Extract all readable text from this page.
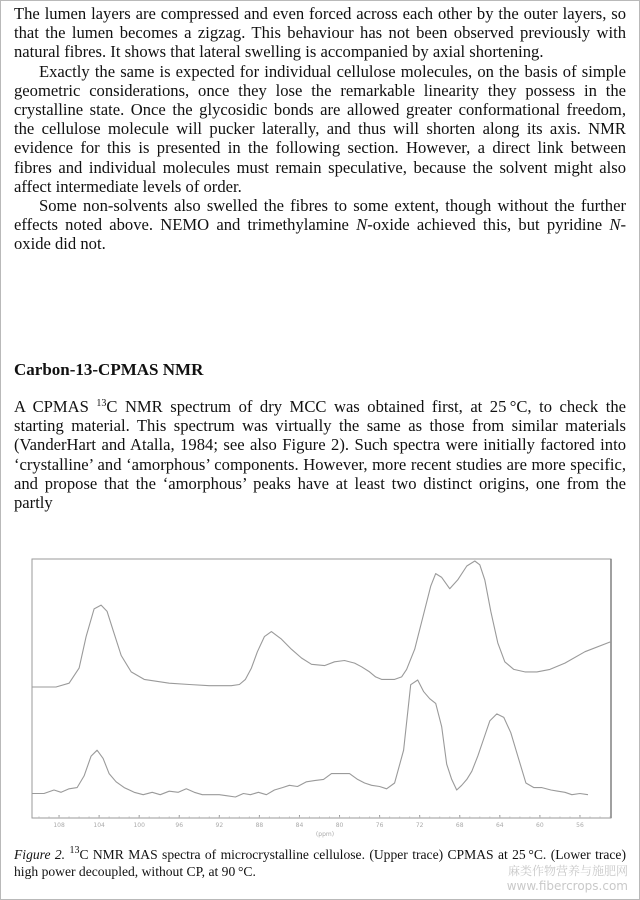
The lumen layers are compressed and even forced across each other by the outer layers, so that the lumen becomes a zigzag. This behaviour has not been observed previously with natural fibres. It shows that lateral swelling is accompanied by axial shortening.

Exactly the same is expected for individual cellulose molecules, on the basis of simple geometric considerations, once they lose the remarkable linearity they possess in the crystalline state. Once the glycosidic bonds are allowed greater conformational freedom, the cellulose molecule will pucker laterally, and thus will shorten along its axis. NMR evidence for this is presented in the following section. However, a direct link between fibres and individual molecules must remain speculative, because the solvent might also affect intermediate levels of order.

Some non-solvents also swelled the fibres to some extent, though without the further effects noted above. NEMO and trimethylamine N-oxide achieved this, but pyridine N-oxide did not.

Carbon-13-CPMAS NMR

A CPMAS $^{13}$C NMR spectrum of dry MCC was obtained first, at 25 °C, to check the starting material. This spectrum was virtually the same as those from similar materials (VanderHart and Atalla, 1984; see also Figure 2). Such spectra were initially factored into ‘crystalline’ and ‘amorphous’ components. However, more recent studies are more specific, and propose that the ‘amorphous’ peaks have at least two distinct origins, one from the partly

108	104	100	96	92	88	84	80	76	72	68	64	60	56
(ppm)
Figure 2. $^{13}$C NMR MAS spectra of microcrystalline cellulose. (Upper trace) CPMAS at 25 °C. (Lower trace) high power decoupled, without CP, at 90 °C.	麻类作物营养与施肥网
www.fibercrops.com
